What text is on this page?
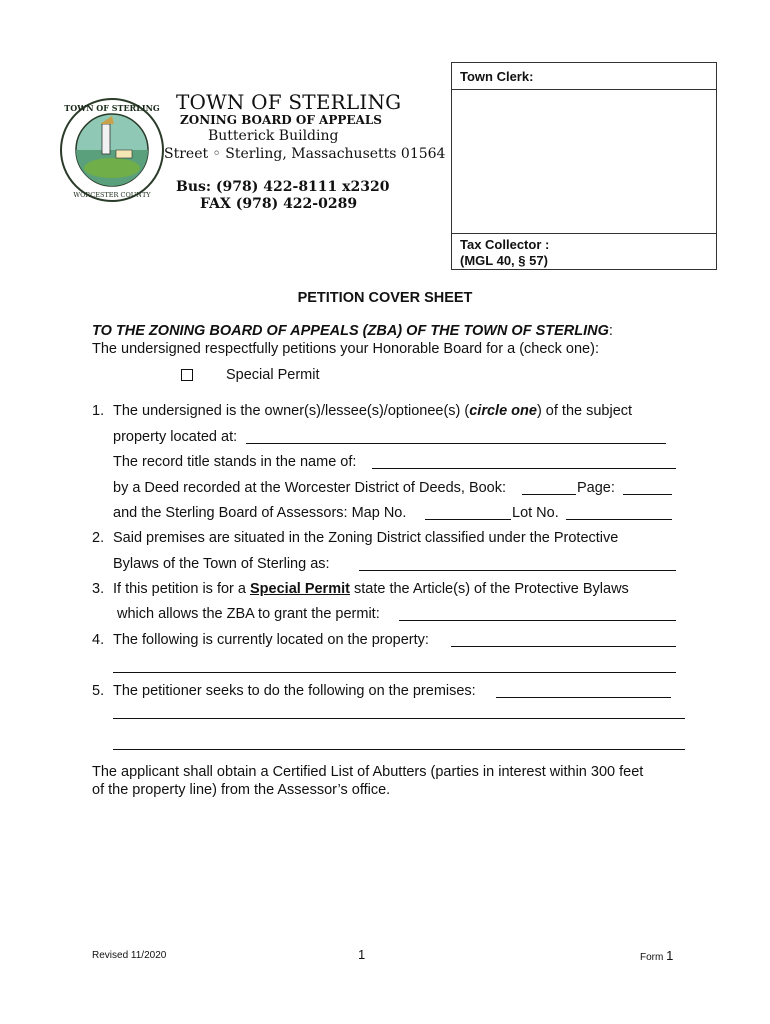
TOWN OF STERLING
WORCESTER COUNTY
TOWN OF STERLING
ZONING BOARD OF APPEALS
Butterick Building
Street ◦ Sterling, Massachusetts 01564
Bus: (978) 422-8111 x2320
FAX (978) 422-0289
Town Clerk:
Tax Collector :
(MGL 40, § 57)
PETITION COVER SHEET
TO THE ZONING BOARD OF APPEALS (ZBA) OF THE TOWN OF STERLING:
The undersigned respectfully petitions your Honorable Board for a (check one):
Special Permit
1. The undersigned is the owner(s)/lessee(s)/optionee(s) (circle one) of the subject
property located at:
The record title stands in the name of:
by a Deed recorded at the Worcester District of Deeds, Book:	Page:
and the Sterling Board of Assessors: Map No.	Lot No.
2. Said premises are situated in the Zoning District classified under the Protective
Bylaws of the Town of Sterling as:
3. If this petition is for a Special Permit state the Article(s) of the Protective Bylaws
which allows the ZBA to grant the permit:
4. The following is currently located on the property:
5. The petitioner seeks to do the following on the premises:
The applicant shall obtain a Certified List of Abutters (parties in interest within 300 feet
of the property line) from the Assessor’s office.
Revised 11/2020	1	Form 1
